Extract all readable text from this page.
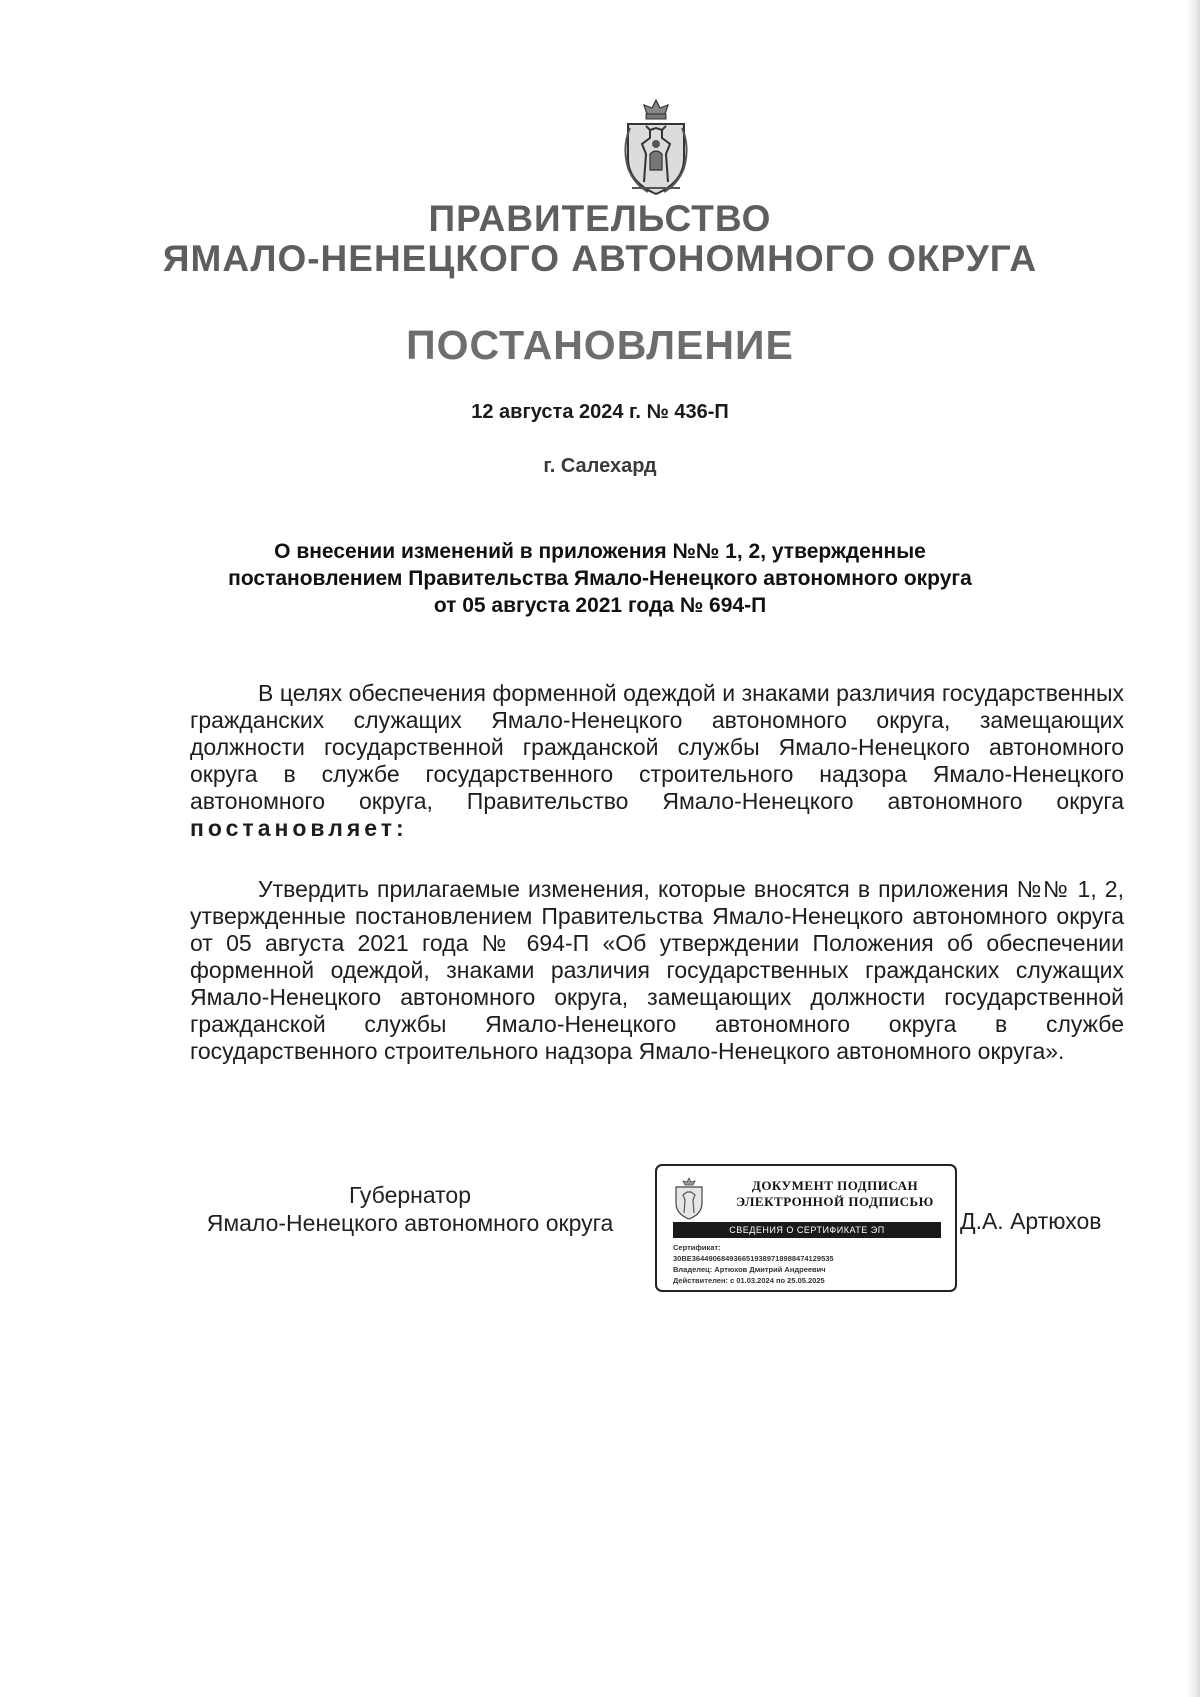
ПРАВИТЕЛЬСТВО
ЯМАЛО-НЕНЕЦКОГО АВТОНОМНОГО ОКРУГА
ПОСТАНОВЛЕНИЕ

12 августа 2024 г. № 436-П

г. Салехард

О внесении изменений в приложения №№ 1, 2, утвержденные
постановлением Правительства Ямало-Ненецкого автономного округа
от 05 августа 2021 года № 694-П

В целях обеспечения форменной одеждой и знаками различия государственных гражданских служащих Ямало-Ненецкого автономного округа, замещающих должности государственной гражданской службы Ямало-Ненецкого автономного округа в службе государственного строительного надзора Ямало-Ненецкого автономного округа, Правительство Ямало-Ненецкого автономного округа постановляет:

Утвердить прилагаемые изменения, которые вносятся в приложения №№ 1, 2, утвержденные постановлением Правительства Ямало-Ненецкого автономного округа от 05 августа 2021 года № 694-П «Об утверждении Положения об обеспечении форменной одеждой, знаками различия государственных гражданских служащих Ямало-Ненецкого автономного округа, замещающих должности государственной гражданской службы Ямало-Ненецкого автономного округа в службе государственного строительного надзора Ямало-Ненецкого автономного округа».

Губернатор
Ямало-Ненецкого автономного округа
ДОКУМЕНТ ПОДПИСАН
ЭЛЕКТРОННОЙ ПОДПИСЬЮ
СВЕДЕНИЯ О СЕРТИФИКАТЕ ЭП
Сертификат:
30ВЕ3644906849366519389718988474129535
Владелец: Артюхов Дмитрий Андреевич
Действителен: с 01.03.2024 по 25.05.2025
Д.А. Артюхов
